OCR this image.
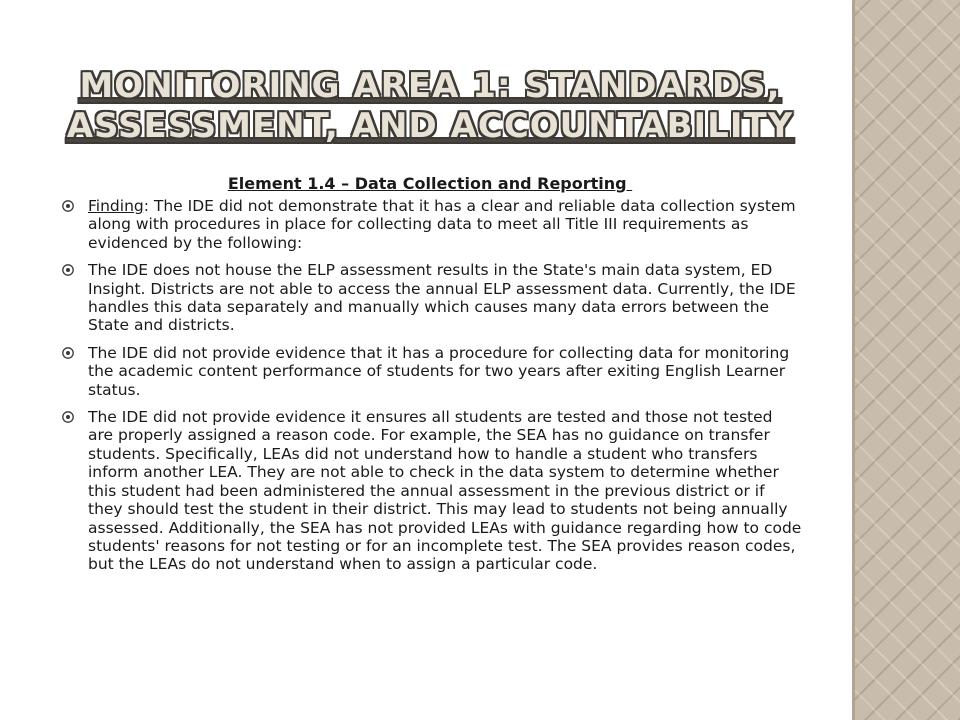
MONITORING AREA 1: STANDARDS,
ASSESSMENT, AND ACCOUNTABILITY
Element 1.4 – Data Collection and Reporting
Finding: The IDE did not demonstrate that it has a clear and reliable data collection system along with procedures in place for collecting data to meet all Title III requirements as evidenced by the following:
The IDE does not house the ELP assessment results in the State's main data system, ED Insight. Districts are not able to access the annual ELP assessment data. Currently, the IDE handles this data separately and manually which causes many data errors between the State and districts.
The IDE did not provide evidence that it has a procedure for collecting data for monitoring the academic content performance of students for two years after exiting English Learner status.
The IDE did not provide evidence it ensures all students are tested and those not tested are properly assigned a reason code. For example, the SEA has no guidance on transfer students. Specifically, LEAs did not understand how to handle a student who transfers inform another LEA. They are not able to check in the data system to determine whether this student had been administered the annual assessment in the previous district or if they should test the student in their district. This may lead to students not being annually assessed. Additionally, the SEA has not provided LEAs with guidance regarding how to code students' reasons for not testing or for an incomplete test. The SEA provides reason codes, but the LEAs do not understand when to assign a particular code.
